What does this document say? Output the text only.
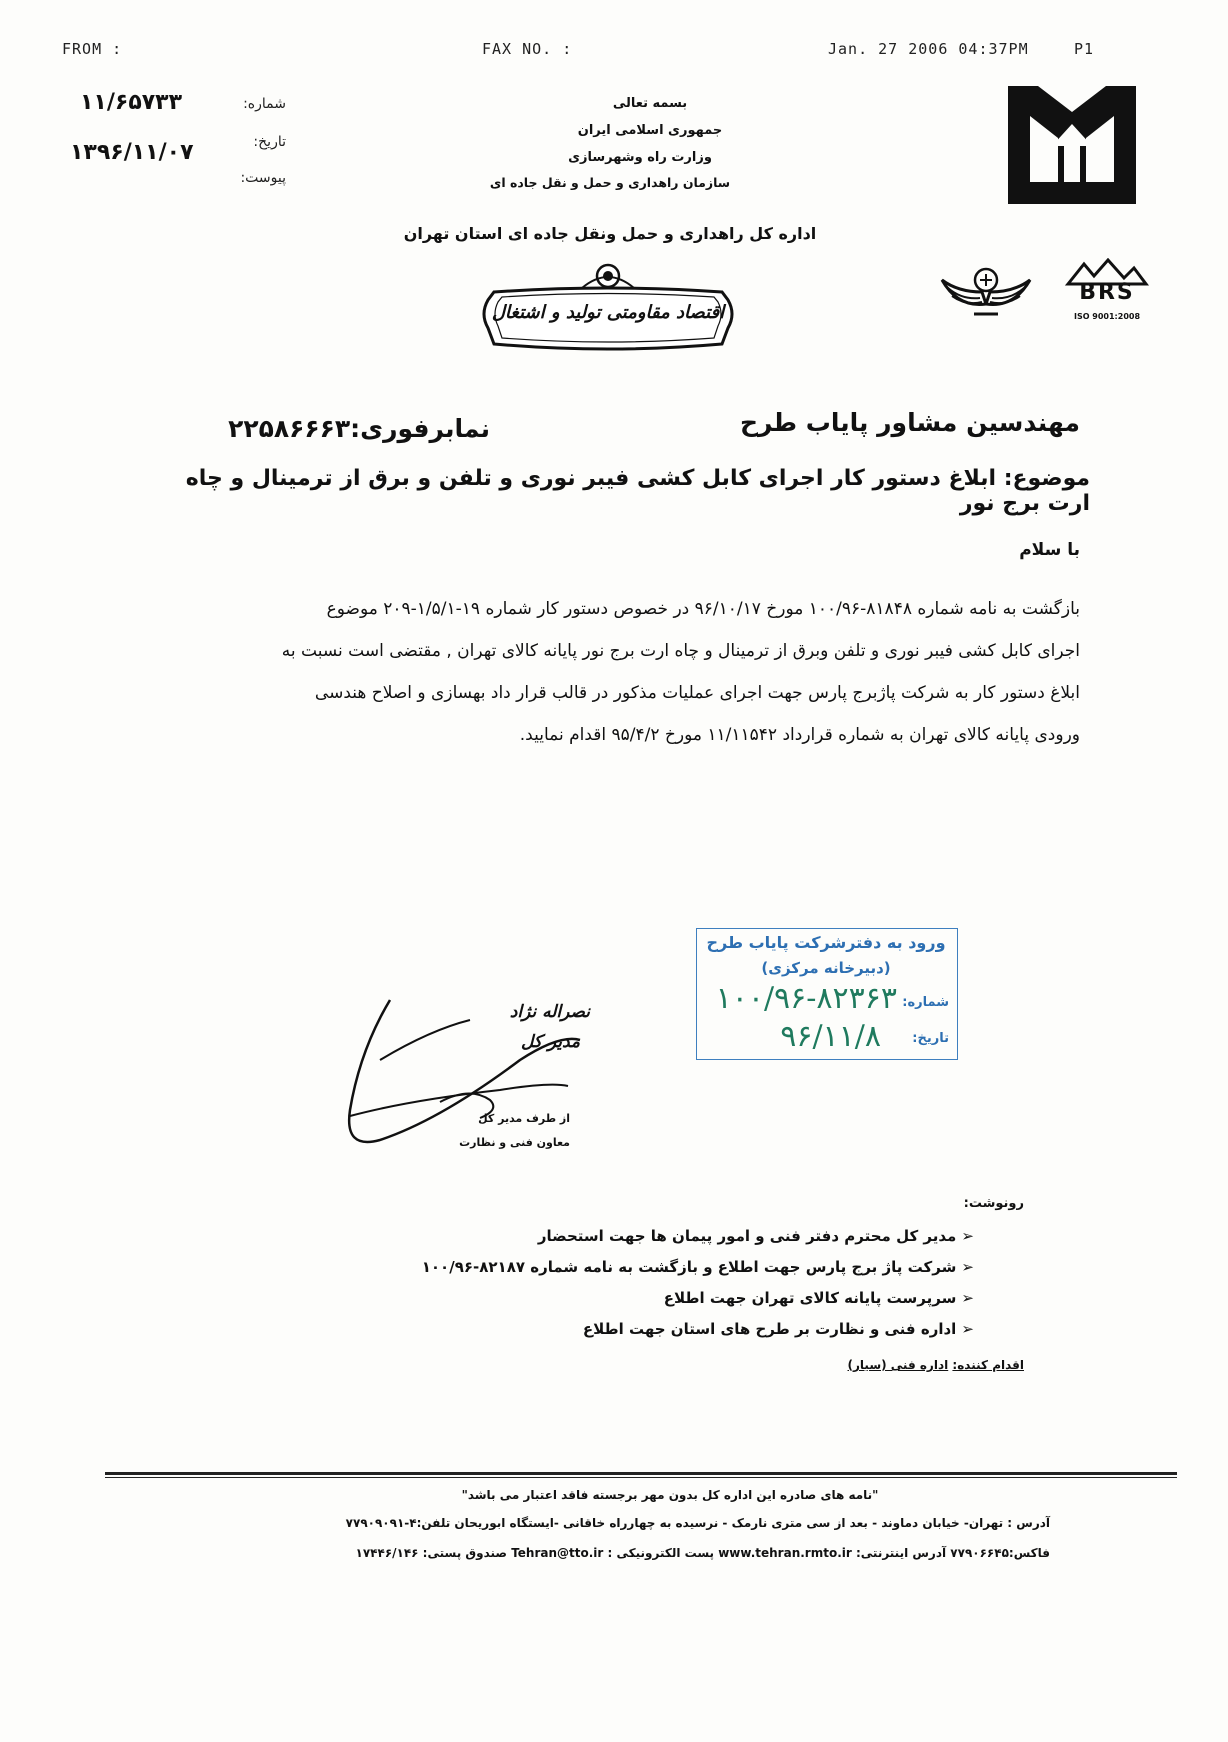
FROM :	FAX NO. :	Jan. 27 2006 04:37PM	P1
شماره:
۱۱/۶۵۷۳۳
تاریخ:
۱۳۹۶/۱۱/۰۷
پیوست:
بسمه تعالی
جمهوری اسلامی ایران
وزارت راه وشهرسازی
سازمان راهداری و حمل و نقل جاده ای
اداره کل راهداری و حمل ونقل جاده ای استان تهران
اقتصاد مقاومتی تولید و اشتغال
BRS
ISO 9001:2008
مهندسین مشاور پایاب طرح
نمابرفوری:۲۲۵۸۶۶۶۳
موضوع: ابلاغ دستور کار اجرای کابل کشی فیبر نوری و تلفن و برق از ترمینال و چاه ارت برج نور
با سلام
بازگشت به نامه شماره ۸۱۸۴۸-۱۰۰/۹۶ مورخ ۹۶/۱۰/۱۷ در خصوص دستور کار شماره ۱۹-۱/۵/۱-۲۰۹ موضوع
اجرای کابل کشی فیبر نوری و تلفن وبرق از ترمینال و چاه ارت برج نور پایانه کالای تهران , مقتضی است نسبت به
ابلاغ دستور کار به شرکت پاژبرج پارس جهت اجرای عملیات مذکور در قالب قرار داد بهسازی و اصلاح هندسی
ورودی پایانه کالای تهران به شماره قرارداد ۱۱/۱۱۵۴۲ مورخ ۹۵/۴/۲ اقدام نمایید.
ورود به دفترشرکت پایاب طرح
(دبیرخانه مرکزی)
شماره:
۱۰۰/۹۶-۸۲۳۶۳
تاریخ:
۹۶/۱۱/۸
نصراله نژاد
مدیر کل
از طرف مدیر کل
معاون فنی و نظارت
رونوشت:
➢ مدیر کل محترم دفتر فنی و امور پیمان ها جهت استحضار
➢ شرکت پاژ برج پارس جهت اطلاع و بازگشت به نامه شماره ۸۲۱۸۷-۱۰۰/۹۶
➢ سرپرست پایانه کالای تهران جهت اطلاع
➢ اداره فنی و نظارت بر طرح های استان جهت اطلاع
اقدام کننده: اداره فنی (سیار)
"نامه های صادره این اداره کل بدون مهر برجسته فاقد اعتبار می باشد"
آدرس : تهران- خیابان دماوند - بعد از سی متری نارمک - نرسیده به چهارراه خاقانی -ایستگاه ابوریحان تلفن:۴-۷۷۹۰۹۰۹۱
فاکس:۷۷۹۰۶۶۴۵ آدرس اینترنتی: www.tehran.rmto.ir پست الکترونیکی : Tehran@tto.ir صندوق پستی: ۱۷۴۴۶/۱۴۶
